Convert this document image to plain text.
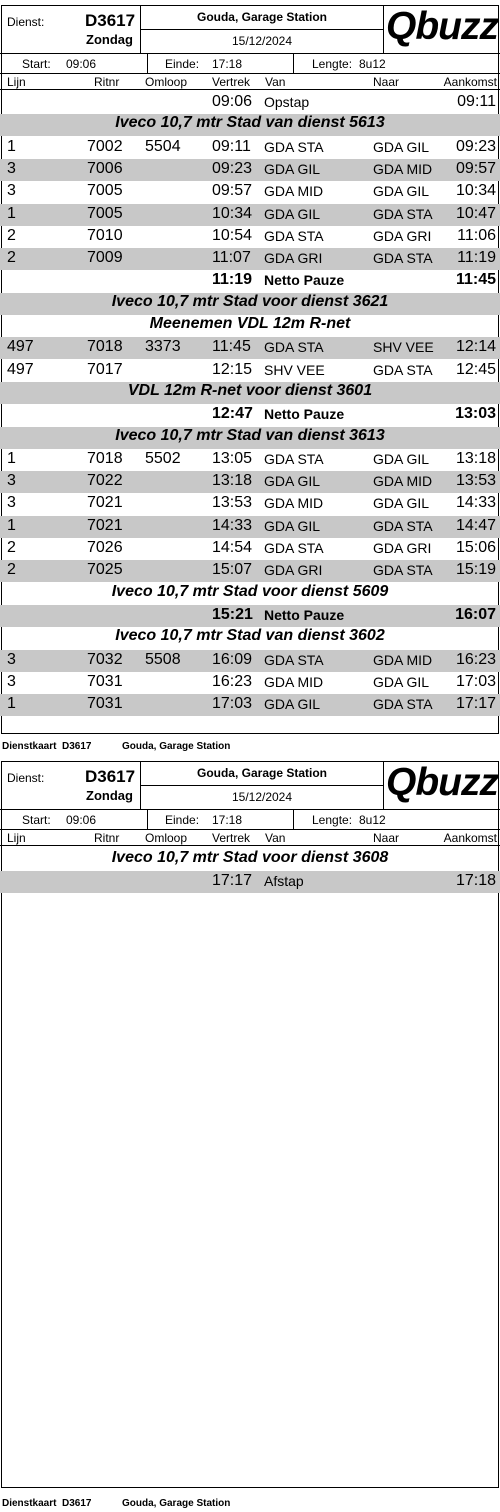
Dienst: D3617
Zondag
Gouda, Garage Station
15/12/2024	Qbuzz
Start: 09:06	Einde: 17:18	Lengte: 8u12
Lijn	Ritnr Omloop Vertrek Van	Naar	Aankomst
09:06 Opstap	09:11
Iveco 10,7 mtr Stad van dienst 5613
1	7002 5504 09:11 GDA STA	GDA GIL 09:23
3	7006	09:23 GDA GIL	GDA MID 09:57
3	7005	09:57 GDA MID	GDA GIL 10:34
1	7005	10:34 GDA GIL	GDA STA 10:47
2	7010	10:54 GDA STA	GDA GRI 11:06
2	7009	11:07 GDA GRI	GDA STA 11:19
11:19 Netto Pauze	11:45
Iveco 10,7 mtr Stad voor dienst 3621
Meenemen VDL 12m R-net
497	7018 3373 11:45 GDA STA	SHV VEE 12:14
497	7017	12:15 SHV VEE	GDA STA 12:45
VDL 12m R-net voor dienst 3601
12:47 Netto Pauze	13:03
Iveco 10,7 mtr Stad van dienst 3613
1	7018 5502 13:05 GDA STA	GDA GIL 13:18
3	7022	13:18 GDA GIL	GDA MID 13:53
3	7021	13:53 GDA MID	GDA GIL 14:33
1	7021	14:33 GDA GIL	GDA STA 14:47
2	7026	14:54 GDA STA	GDA GRI 15:06
2	7025	15:07 GDA GRI	GDA STA 15:19
Iveco 10,7 mtr Stad voor dienst 5609
15:21 Netto Pauze	16:07
Iveco 10,7 mtr Stad van dienst 3602
3	7032 5508 16:09 GDA STA	GDA MID 16:23
3	7031	16:23 GDA MID	GDA GIL 17:03
1	7031	17:03 GDA GIL	GDA STA 17:17
Dienstkaart D3617	Gouda, Garage Station
Dienst: D3617
Zondag
Gouda, Garage Station
15/12/2024	Qbuzz
Start: 09:06	Einde: 17:18	Lengte: 8u12
Lijn	Ritnr Omloop Vertrek Van	Naar	Aankomst
Iveco 10,7 mtr Stad voor dienst 3608
17:17 Afstap	17:18
Dienstkaart D3617	Gouda, Garage Station
